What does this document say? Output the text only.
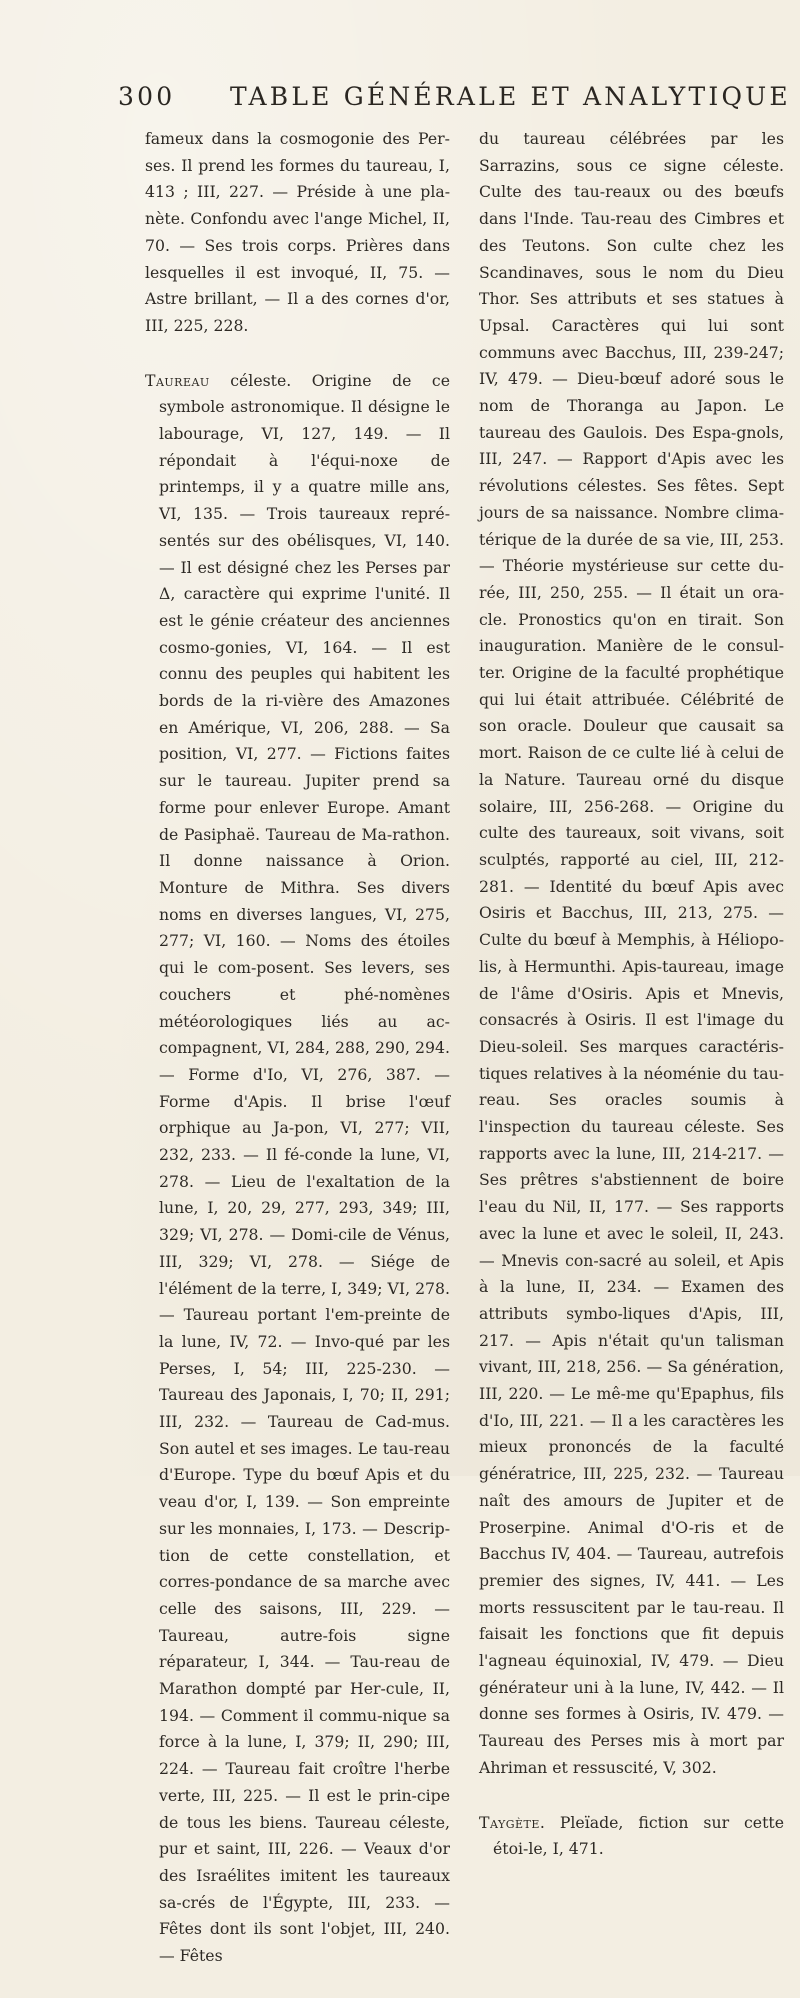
300 TABLE GÉNÉRALE ET ANALYTIQUE

fameux dans la cosmogonie des Per-ses. Il prend les formes du taureau, I, 413 ; III, 227. — Préside à une pla-nète. Confondu avec l'ange Michel, II, 70. — Ses trois corps. Prières dans lesquelles il est invoqué, II, 75. — Astre brillant, — Il a des cornes d'or, III, 225, 228.

Taureau céleste. Origine de ce symbole astronomique. Il désigne le labourage, VI, 127, 149. — Il répondait à l'équi-noxe de printemps, il y a quatre mille ans, VI, 135. — Trois taureaux repré-sentés sur des obélisques, VI, 140. — Il est désigné chez les Perses par Δ, caractère qui exprime l'unité. Il est le génie créateur des anciennes cosmo-gonies, VI, 164. — Il est connu des peuples qui habitent les bords de la ri-vière des Amazones en Amérique, VI, 206, 288. — Sa position, VI, 277. — Fictions faites sur le taureau. Jupiter prend sa forme pour enlever Europe. Amant de Pasiphaë. Taureau de Ma-rathon. Il donne naissance à Orion. Monture de Mithra. Ses divers noms en diverses langues, VI, 275, 277; VI, 160. — Noms des étoiles qui le com-posent. Ses levers, ses couchers et phé-nomènes météorologiques liés au ac-compagnent, VI, 284, 288, 290, 294. — Forme d'Io, VI, 276, 387. — Forme d'Apis. Il brise l'œuf orphique au Ja-pon, VI, 277; VII, 232, 233. — Il fé-conde la lune, VI, 278. — Lieu de l'exaltation de la lune, I, 20, 29, 277, 293, 349; III, 329; VI, 278. — Domi-cile de Vénus, III, 329; VI, 278. — Siége de l'élément de la terre, I, 349; VI, 278. — Taureau portant l'em-preinte de la lune, IV, 72. — Invo-qué par les Perses, I, 54; III, 225-230. — Taureau des Japonais, I, 70; II, 291; III, 232. — Taureau de Cad-mus. Son autel et ses images. Le tau-reau d'Europe. Type du bœuf Apis et du veau d'or, I, 139. — Son empreinte sur les monnaies, I, 173. — Descrip-tion de cette constellation, et corres-pondance de sa marche avec celle des saisons, III, 229. — Taureau, autre-fois signe réparateur, I, 344. — Tau-reau de Marathon dompté par Her-cule, II, 194. — Comment il commu-nique sa force à la lune, I, 379; II, 290; III, 224. — Taureau fait croître l'herbe verte, III, 225. — Il est le prin-cipe de tous les biens. Taureau céleste, pur et saint, III, 226. — Veaux d'or des Israélites imitent les taureaux sa-crés de l'Égypte, III, 233. — Fêtes dont ils sont l'objet, III, 240. — Fêtes

du taureau célébrées par les Sarrazins, sous ce signe céleste. Culte des tau-reaux ou des bœufs dans l'Inde. Tau-reau des Cimbres et des Teutons. Son culte chez les Scandinaves, sous le nom du Dieu Thor. Ses attributs et ses statues à Upsal. Caractères qui lui sont communs avec Bacchus, III, 239-247; IV, 479. — Dieu-bœuf adoré sous le nom de Thoranga au Japon. Le taureau des Gaulois. Des Espa-gnols, III, 247. — Rapport d'Apis avec les révolutions célestes. Ses fêtes. Sept jours de sa naissance. Nombre clima-térique de la durée de sa vie, III, 253. — Théorie mystérieuse sur cette du-rée, III, 250, 255. — Il était un ora-cle. Pronostics qu'on en tirait. Son inauguration. Manière de le consul-ter. Origine de la faculté prophétique qui lui était attribuée. Célébrité de son oracle. Douleur que causait sa mort. Raison de ce culte lié à celui de la Nature. Taureau orné du disque solaire, III, 256-268. — Origine du culte des taureaux, soit vivans, soit sculptés, rapporté au ciel, III, 212-281. — Identité du bœuf Apis avec Osiris et Bacchus, III, 213, 275. — Culte du bœuf à Memphis, à Héliopo-lis, à Hermunthi. Apis-taureau, image de l'âme d'Osiris. Apis et Mnevis, consacrés à Osiris. Il est l'image du Dieu-soleil. Ses marques caractéris-tiques relatives à la néoménie du tau-reau. Ses oracles soumis à l'inspection du taureau céleste. Ses rapports avec la lune, III, 214-217. — Ses prêtres s'abstiennent de boire l'eau du Nil, II, 177. — Ses rapports avec la lune et avec le soleil, II, 243. — Mnevis con-sacré au soleil, et Apis à la lune, II, 234. — Examen des attributs symbo-liques d'Apis, III, 217. — Apis n'était qu'un talisman vivant, III, 218, 256. — Sa génération, III, 220. — Le mê-me qu'Epaphus, fils d'Io, III, 221. — Il a les caractères les mieux prononcés de la faculté génératrice, III, 225, 232. — Taureau naît des amours de Jupiter et de Proserpine. Animal d'O-ris et de Bacchus IV, 404. — Taureau, autrefois premier des signes, IV, 441. — Les morts ressuscitent par le tau-reau. Il faisait les fonctions que fit depuis l'agneau équinoxial, IV, 479. — Dieu générateur uni à la lune, IV, 442. — Il donne ses formes à Osiris, IV. 479. — Taureau des Perses mis à mort par Ahriman et ressuscité, V, 302.

Taygète. Pleïade, fiction sur cette étoi-le, I, 471.
